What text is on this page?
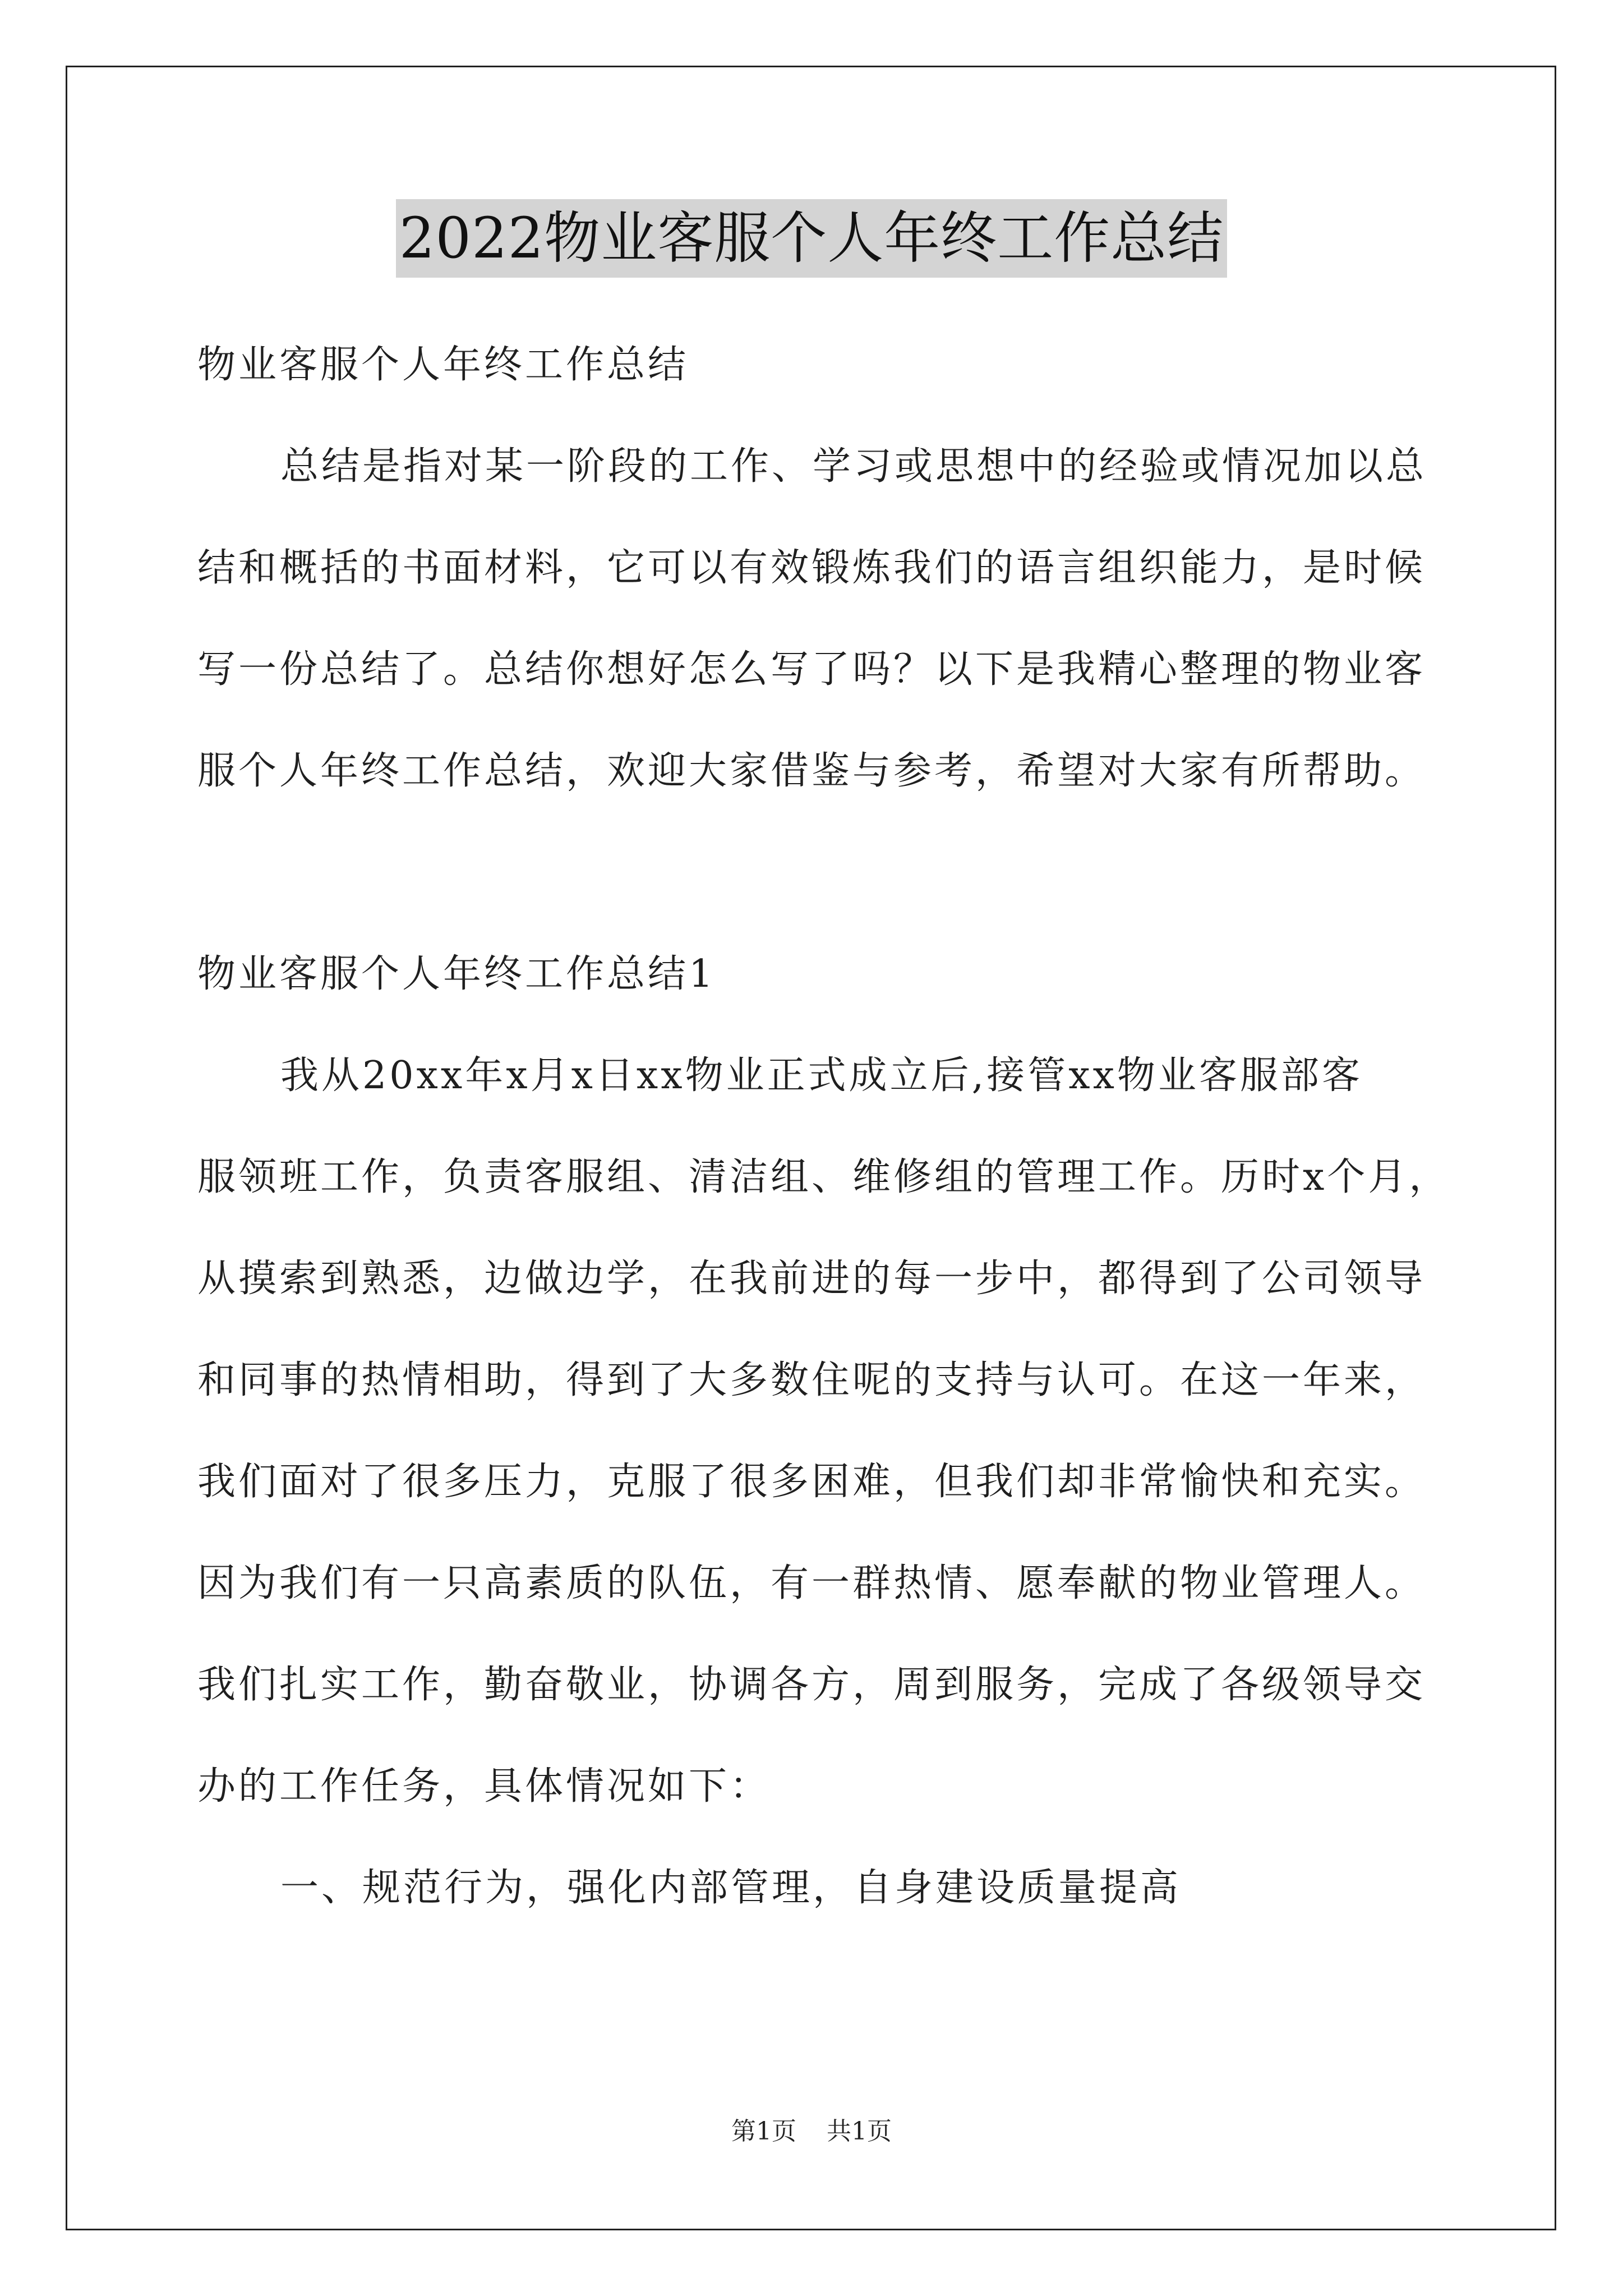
2022物业客服个人年终工作总结
物业客服个人年终工作总结
总结是指对某一阶段的工作、学习或思想中的经验或情况加以总
结和概括的书面材料，它可以有效锻炼我们的语言组织能力，是时候
写一份总结了。总结你想好怎么写了吗？以下是我精心整理的物业客
服个人年终工作总结，欢迎大家借鉴与参考，希望对大家有所帮助。
物业客服个人年终工作总结1
我从20xx年x月x日xx物业正式成立后,接管xx物业客服部客
服领班工作，负责客服组、清洁组、维修组的管理工作。历时x个月，
从摸索到熟悉，边做边学，在我前进的每一步中，都得到了公司领导
和同事的热情相助，得到了大多数住呢的支持与认可。在这一年来，
我们面对了很多压力，克服了很多困难，但我们却非常愉快和充实。
因为我们有一只高素质的队伍，有一群热情、愿奉献的物业管理人。
我们扎实工作，勤奋敬业，协调各方，周到服务，完成了各级领导交
办的工作任务，具体情况如下：
一、规范行为，强化内部管理，自身建设质量提高
第1页 共1页
